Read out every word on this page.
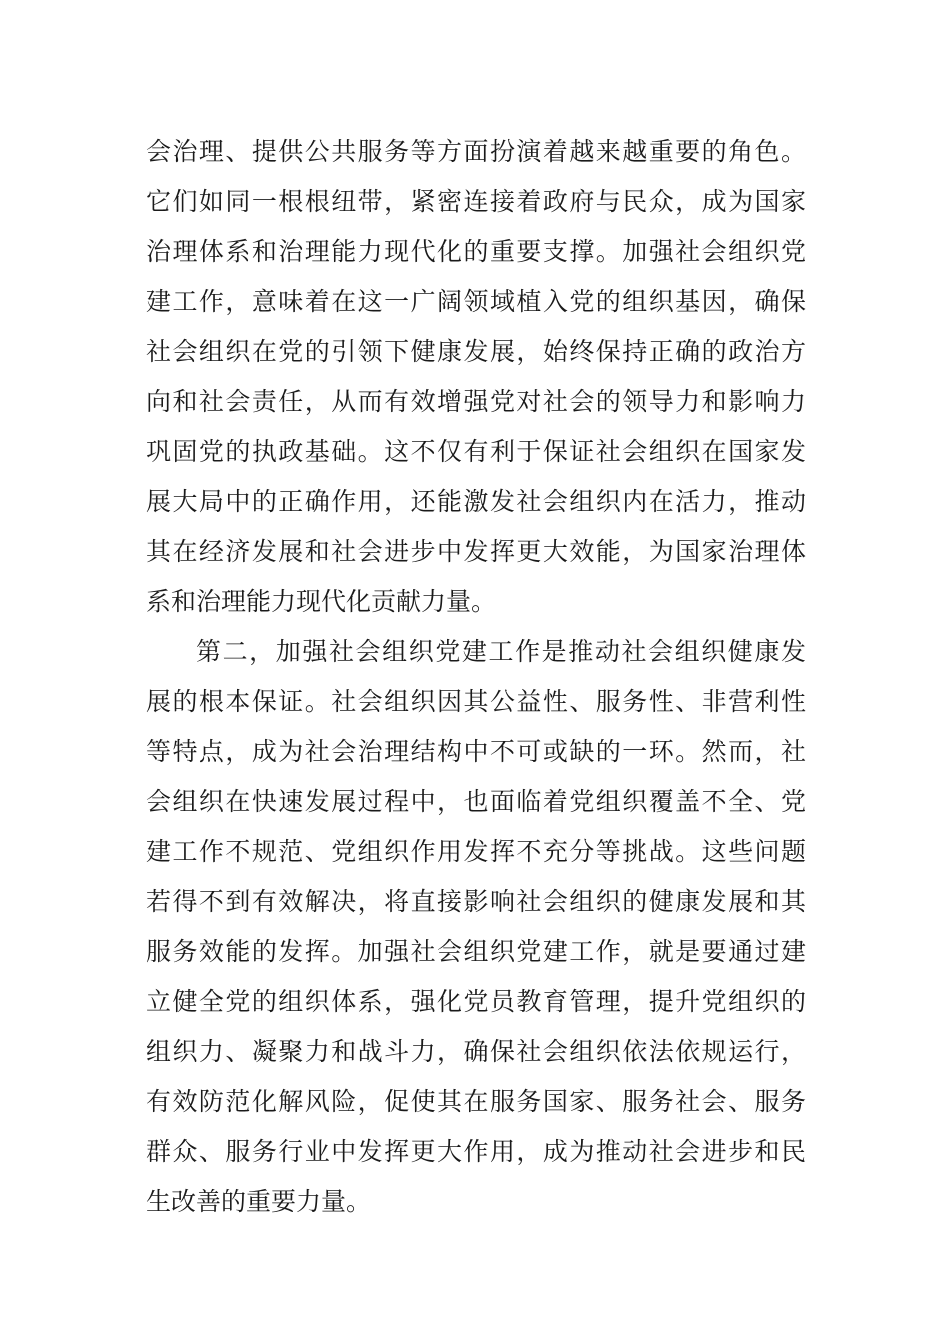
会治理、提供公共服务等方面扮演着越来越重要的角色。
它们如同一根根纽带，紧密连接着政府与民众，成为国家
治理体系和治理能力现代化的重要支撑。加强社会组织党
建工作，意味着在这一广阔领域植入党的组织基因，确保
社会组织在党的引领下健康发展，始终保持正确的政治方
向和社会责任，从而有效增强党对社会的领导力和影响力
巩固党的执政基础。这不仅有利于保证社会组织在国家发
展大局中的正确作用，还能激发社会组织内在活力，推动
其在经济发展和社会进步中发挥更大效能，为国家治理体
系和治理能力现代化贡献力量。
第二，加强社会组织党建工作是推动社会组织健康发
展的根本保证。社会组织因其公益性、服务性、非营利性
等特点，成为社会治理结构中不可或缺的一环。然而，社
会组织在快速发展过程中，也面临着党组织覆盖不全、党
建工作不规范、党组织作用发挥不充分等挑战。这些问题
若得不到有效解决，将直接影响社会组织的健康发展和其
服务效能的发挥。加强社会组织党建工作，就是要通过建
立健全党的组织体系，强化党员教育管理，提升党组织的
组织力、凝聚力和战斗力，确保社会组织依法依规运行，
有效防范化解风险，促使其在服务国家、服务社会、服务
群众、服务行业中发挥更大作用，成为推动社会进步和民
生改善的重要力量。
